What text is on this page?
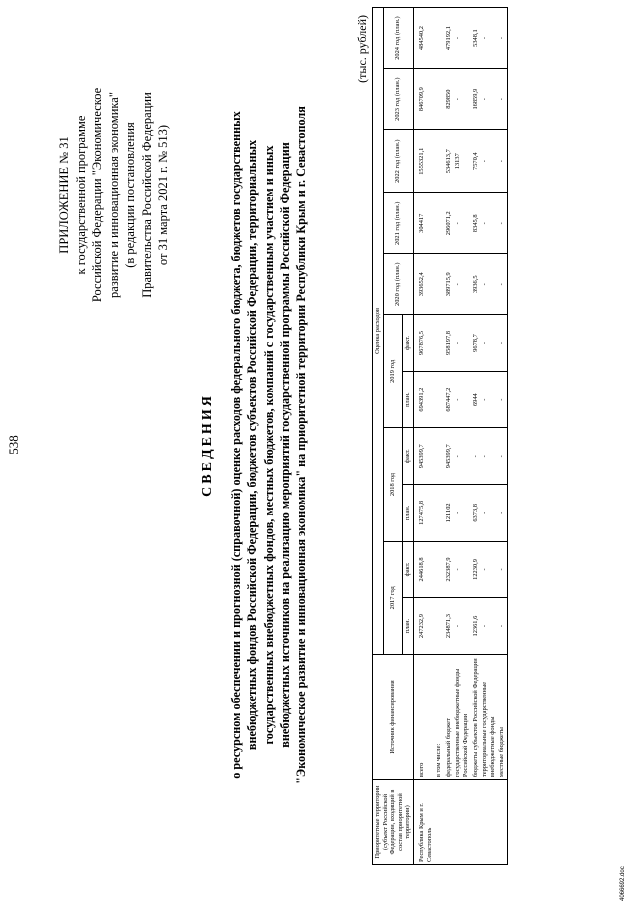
538
ПРИЛОЖЕНИЕ № 31 к государственной программе Российской Федерации "Экономическое развитие и инновационная экономика" (в редакции постановления Правительства Российской Федерации от 31 марта 2021 г. № 513)
СВЕДЕНИЯ о ресурсном обеспечении и прогнозной (справочной) оценке расходов федерального бюджета, бюджетов государственных внебюджетных фондов Российской Федерации, бюджетов субъектов Российской Федерации, территориальных государственных внебюджетных фондов, местных бюджетов, компаний с государственным участием и иных внебюджетных источников на реализацию мероприятий государственной программы Российской Федерации "Экономическое развитие и инновационная экономика" на приоритетной территории Республики Крым и г. Севастополя
(тыс. рублей)
Приоритетные территории (субъект Российской Федерации, входящий в состав приоритетной территории)	Источник финансирования	Оценка расходов										
		2017 год		2018 год		2019 год		2020 год (план.)	2021 год (план.)	2022 год (план.)	2023 год (план.)	2024 год (план.)
		план.	факт.	план.	факт.	план.	факт.					
Республика Крым и г. Севастополь	всего	247232,9	244618,8	127475,8	945399,7	694391,2	967876,5	393652,4	304417	1555321,1	846709,9	484540,2
	в том числе:											
	федеральный бюджет	234871,3	232387,9	121102	945399,7	687447,2	958197,8	389715,9	296071,2	534613,7	829850	479192,1
	государственные внебюджетные фонды Российской Федерации	-	-	-	-	-	-	-	-	13137	-	-
	бюджеты субъектов Российской Федерации	12361,6	12230,9	6373,8	-	6944	9678,7	3936,5	8345,8	7570,4	16859,9	5348,1
	территориальные государственные внебюджетные фонды	-	-	-	-	-	-	-	-	-	-	-
	местные бюджеты	-	-	-	-	-	-	-	-	-	-	-
4066692.doc
